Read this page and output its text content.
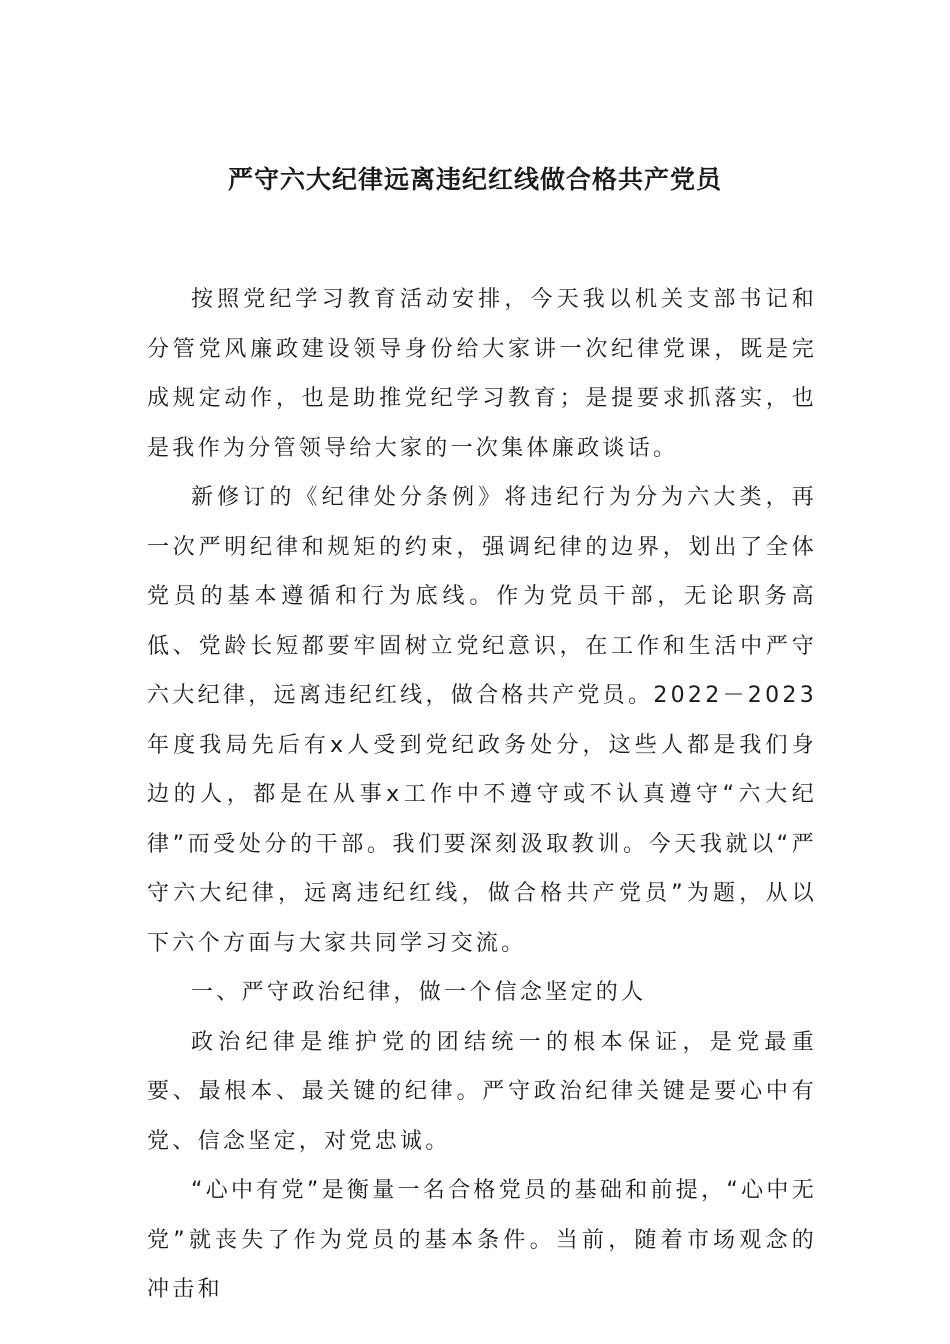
严守六大纪律远离违纪红线做合格共产党员

按照党纪学习教育活动安排，今天我以机关支部书记和分管党风廉政建设领导身份给大家讲一次纪律党课，既是完成规定动作，也是助推党纪学习教育；是提要求抓落实，也是我作为分管领导给大家的一次集体廉政谈话。

新修订的《纪律处分条例》将违纪行为分为六大类，再一次严明纪律和规矩的约束，强调纪律的边界，划出了全体党员的基本遵循和行为底线。作为党员干部，无论职务高低、党龄长短都要牢固树立党纪意识，在工作和生活中严守六大纪律，远离违纪红线，做合格共产党员。2022－2023年度我局先后有x人受到党纪政务处分，这些人都是我们身边的人，都是在从事x工作中不遵守或不认真遵守“六大纪律”而受处分的干部。我们要深刻汲取教训。今天我就以“严守六大纪律，远离违纪红线，做合格共产党员”为题，从以下六个方面与大家共同学习交流。

一、严守政治纪律，做一个信念坚定的人

政治纪律是维护党的团结统一的根本保证，是党最重要、最根本、最关键的纪律。严守政治纪律关键是要心中有党、信念坚定，对党忠诚。

“心中有党”是衡量一名合格党员的基础和前提，“心中无党”就丧失了作为党员的基本条件。当前，随着市场观念的冲击和
